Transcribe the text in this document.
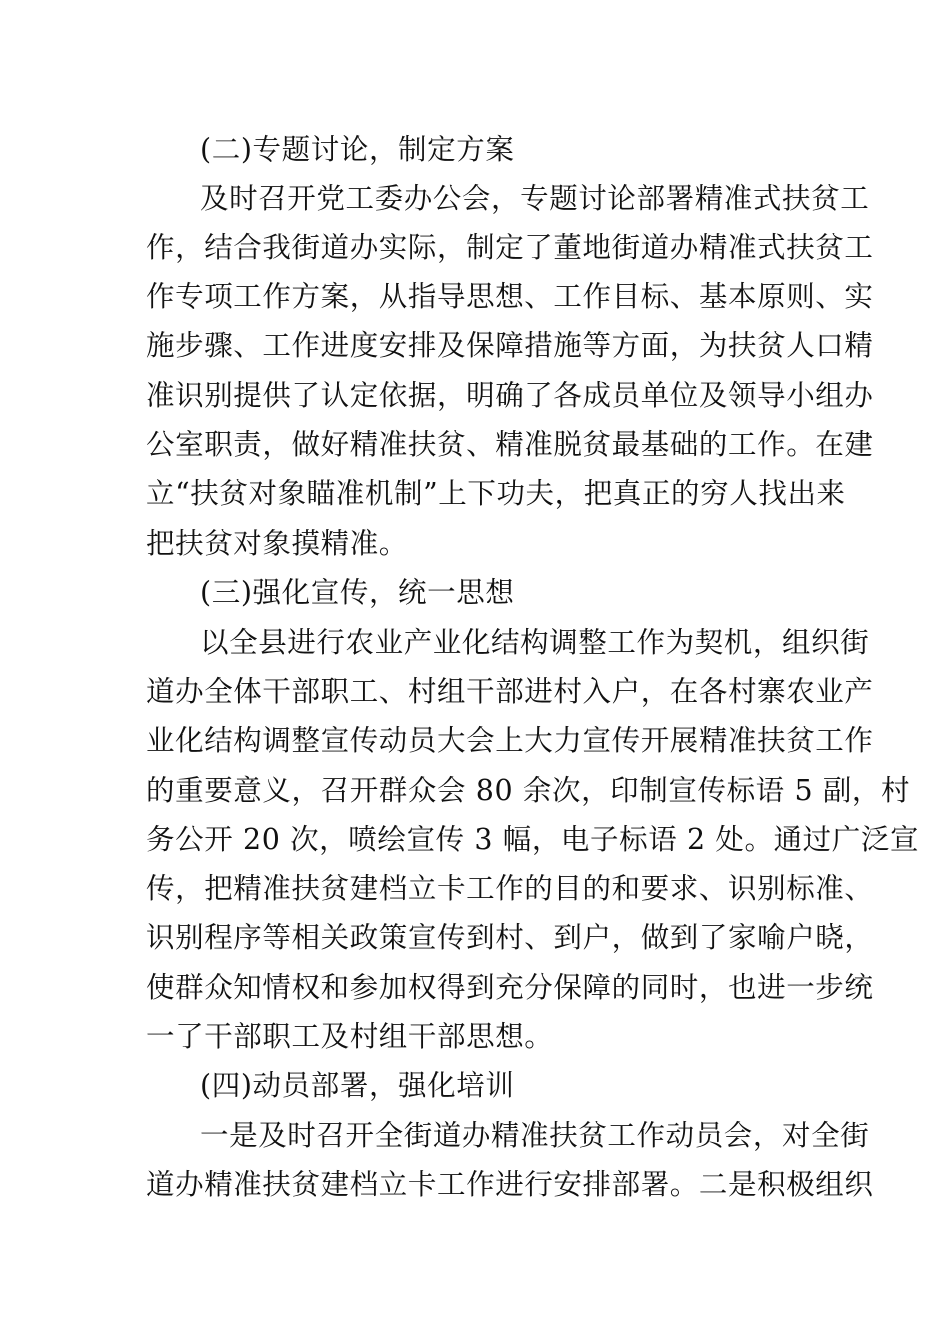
(二)专题讨论，制定方案
及时召开党工委办公会，专题讨论部署精准式扶贫工
作，结合我街道办实际，制定了董地街道办精准式扶贫工
作专项工作方案，从指导思想、工作目标、基本原则、实
施步骤、工作进度安排及保障措施等方面，为扶贫人口精
准识别提供了认定依据，明确了各成员单位及领导小组办
公室职责，做好精准扶贫、精准脱贫最基础的工作。在建
立“扶贫对象瞄准机制”上下功夫，把真正的穷人找出来
把扶贫对象摸精准。
(三)强化宣传，统一思想
以全县进行农业产业化结构调整工作为契机，组织街
道办全体干部职工、村组干部进村入户，在各村寨农业产
业化结构调整宣传动员大会上大力宣传开展精准扶贫工作
的重要意义，召开群众会 80 余次，印制宣传标语 5 副，村
务公开 20 次，喷绘宣传 3 幅，电子标语 2 处。通过广泛宣
传，把精准扶贫建档立卡工作的目的和要求、识别标准、
识别程序等相关政策宣传到村、到户，做到了家喻户晓，
使群众知情权和参加权得到充分保障的同时，也进一步统
一了干部职工及村组干部思想。
(四)动员部署，强化培训
一是及时召开全街道办精准扶贫工作动员会，对全街
道办精准扶贫建档立卡工作进行安排部署。二是积极组织
